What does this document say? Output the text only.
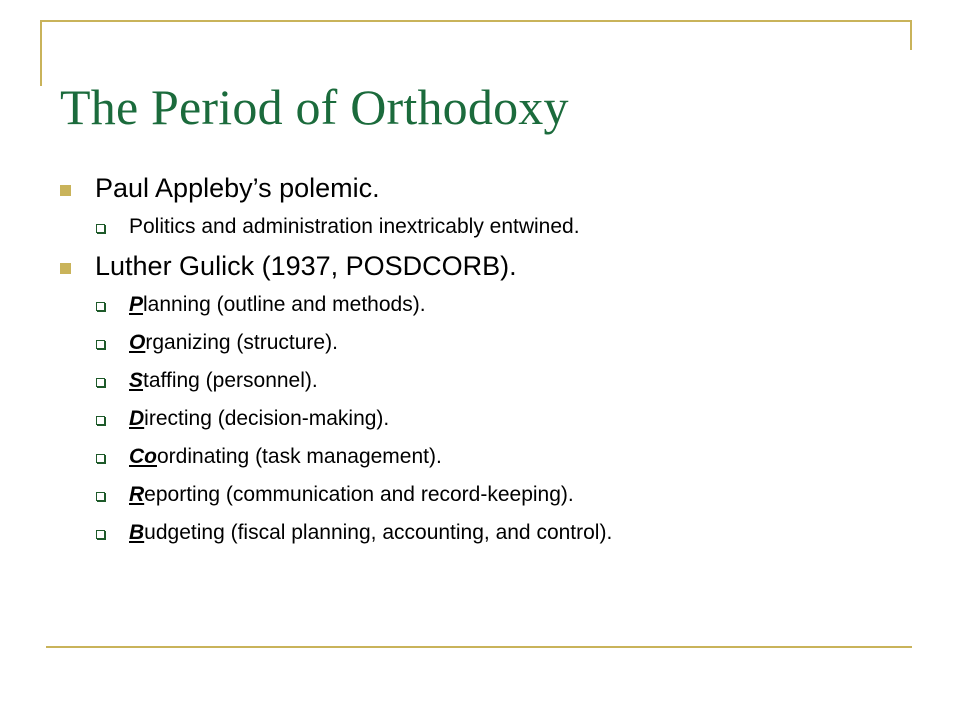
The Period of Orthodoxy
Paul Appleby’s polemic.
Politics and administration inextricably entwined.
Luther Gulick (1937, POSDCORB).
Planning (outline and methods).
Organizing (structure).
Staffing (personnel).
Directing (decision-making).
Coordinating (task management).
Reporting (communication and record-keeping).
Budgeting (fiscal planning, accounting, and control).
